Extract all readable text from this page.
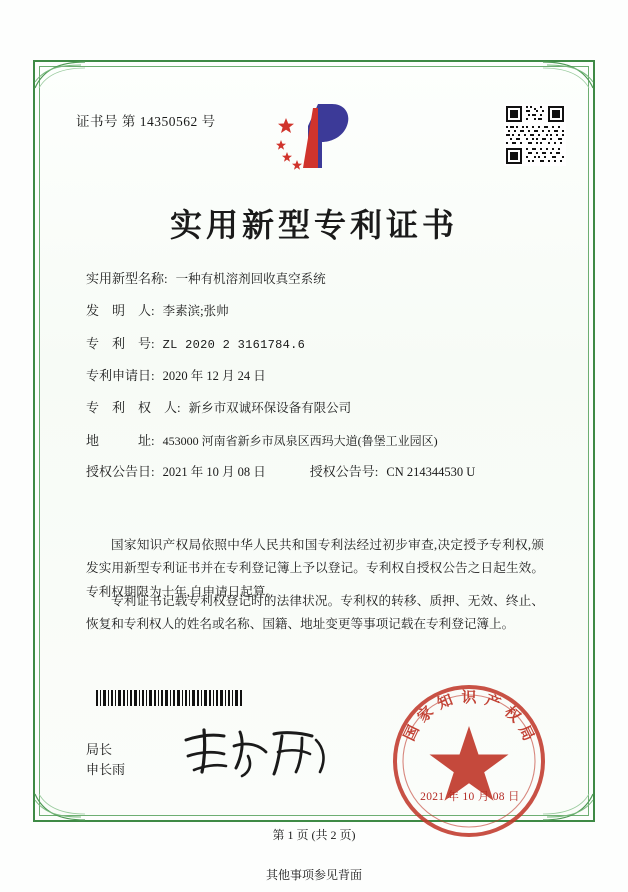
证书号 第 14350562 号
实用新型专利证书
实用新型名称: 一种有机溶剂回收真空系统
发　明　人: 李素滨;张帅
专　利　号: ZL 2020 2 3161784.6
专利申请日: 2020 年 12 月 24 日
专　利　权　人: 新乡市双诚环保设备有限公司
地　　　址: 453000 河南省新乡市凤泉区西玛大道(鲁堡工业园区)
授权公告日: 2021 年 10 月 08 日	授权公告号: CN 214344530 U
国家知识产权局依照中华人民共和国专利法经过初步审查,决定授予专利权,颁发实用新型专利证书并在专利登记簿上予以登记。专利权自授权公告之日起生效。专利权期限为十年,自申请日起算。
专利证书记载专利权登记时的法律状况。专利权的转移、质押、无效、终止、恢复和专利权人的姓名或名称、国籍、地址变更等事项记载在专利登记簿上。
国
家
知 识 产
权
局
2021 年 10 月 08 日
局长
申长雨
第 1 页 (共 2 页)
其他事项参见背面
